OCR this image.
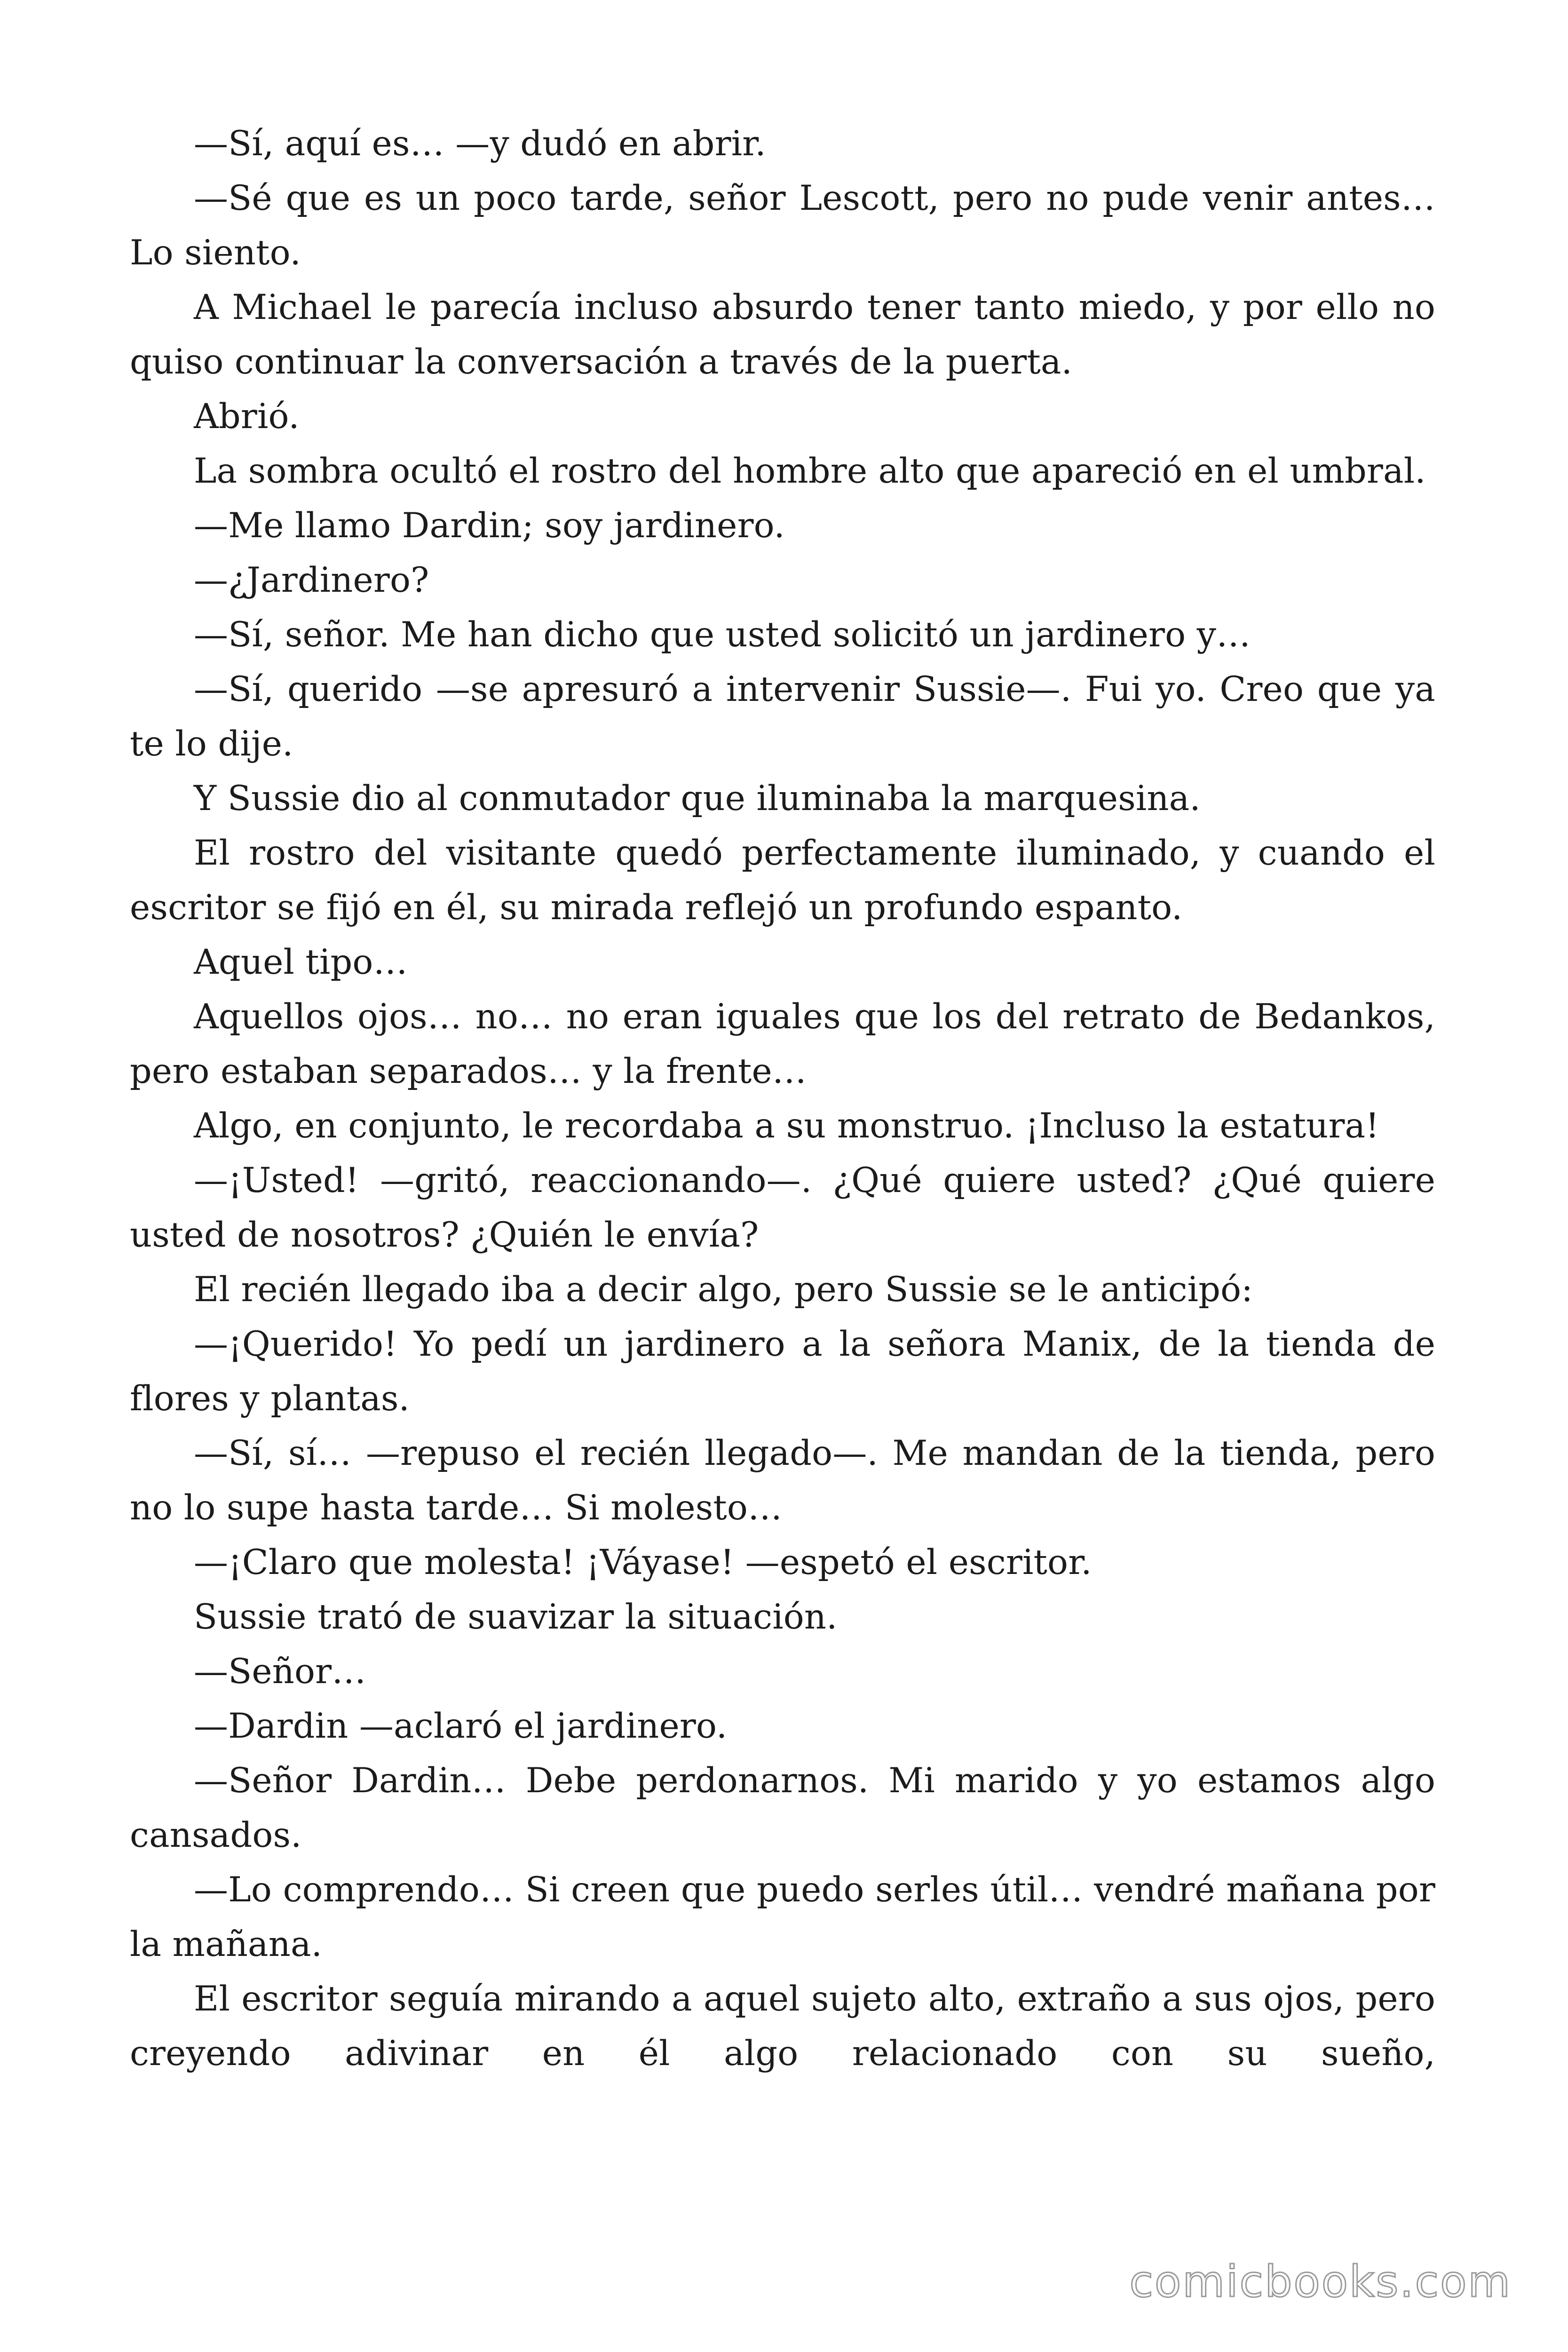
—Sí, aquí es… —y dudó en abrir.

—Sé que es un poco tarde, señor Lescott, pero no pude venir antes… Lo siento.

A Michael le parecía incluso absurdo tener tanto miedo, y por ello no quiso continuar la conversación a través de la puerta.

Abrió.

La sombra ocultó el rostro del hombre alto que apareció en el umbral.

—Me llamo Dardin; soy jardinero.

—¿Jardinero?

—Sí, señor. Me han dicho que usted solicitó un jardinero y…

—Sí, querido —se apresuró a intervenir Sussie—. Fui yo. Creo que ya te lo dije.

Y Sussie dio al conmutador que iluminaba la marquesina.

El rostro del visitante quedó perfectamente iluminado, y cuando el escritor se fijó en él, su mirada reflejó un profundo espanto.

Aquel tipo…

Aquellos ojos… no… no eran iguales que los del retrato de Bedankos, pero estaban separados… y la frente…

Algo, en conjunto, le recordaba a su monstruo. ¡Incluso la estatura!

—¡Usted! —gritó, reaccionando—. ¿Qué quiere usted? ¿Qué quiere usted de nosotros? ¿Quién le envía?

El recién llegado iba a decir algo, pero Sussie se le anticipó:

—¡Querido! Yo pedí un jardinero a la señora Manix, de la tienda de flores y plantas.

—Sí, sí… —repuso el recién llegado—. Me mandan de la tienda, pero no lo supe hasta tarde… Si molesto…

—¡Claro que molesta! ¡Váyase! —espetó el escritor.

Sussie trató de suavizar la situación.

—Señor…

—Dardin —aclaró el jardinero.

—Señor Dardin… Debe perdonarnos. Mi marido y yo estamos algo cansados.

—Lo comprendo… Si creen que puedo serles útil… vendré mañana por la mañana.

El escritor seguía mirando a aquel sujeto alto, extraño a sus ojos, pero creyendo adivinar en él algo relacionado con su sueño,

comicbooks.com
